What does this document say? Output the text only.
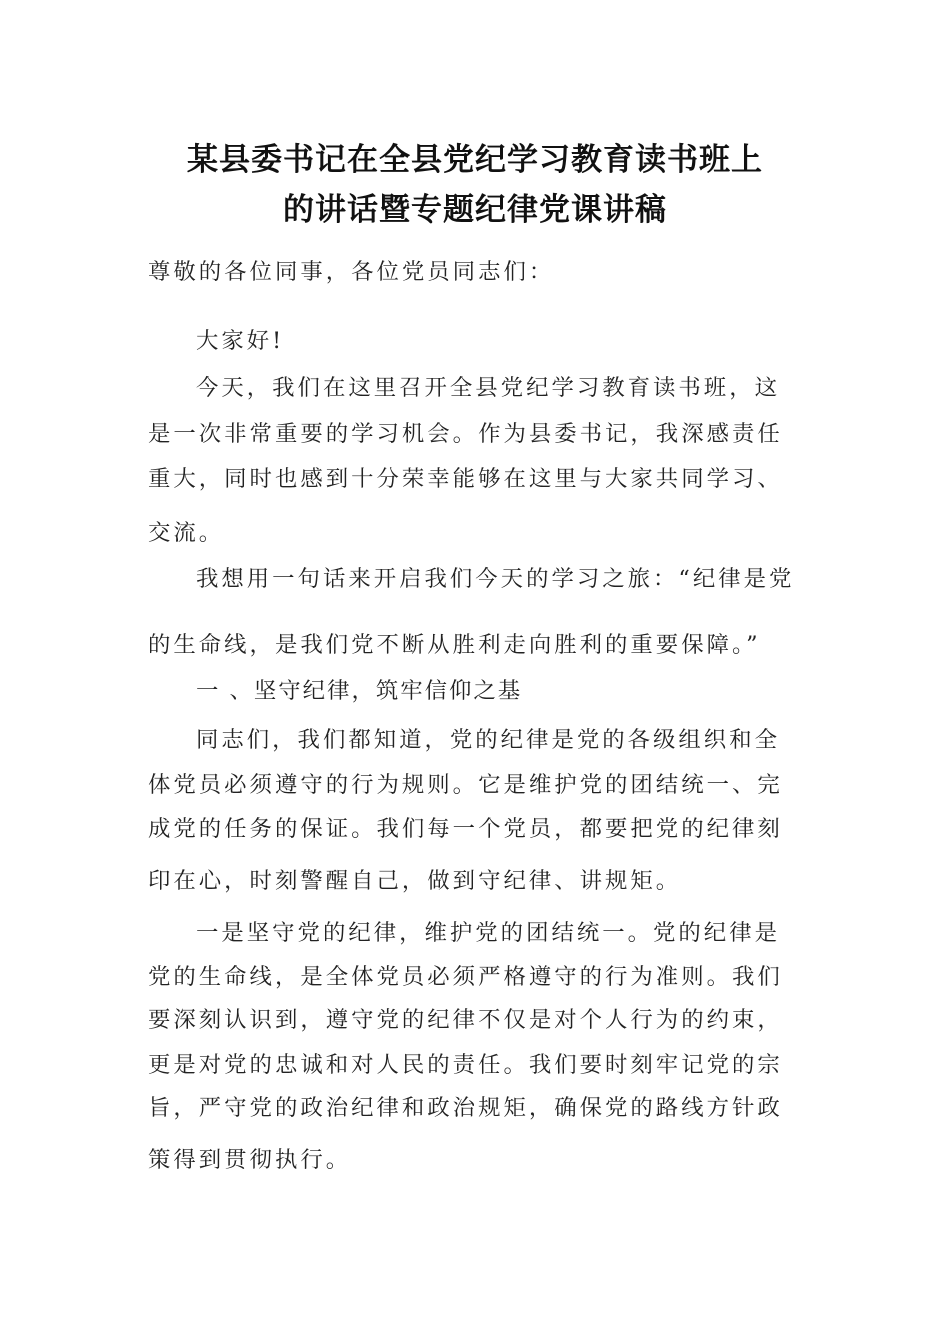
某县委书记在全县党纪学习教育读书班上
的讲话暨专题纪律党课讲稿
尊敬的各位同事，各位党员同志们：
大家好!
今天，我们在这里召开全县党纪学习教育读书班，这
是一次非常重要的学习机会。作为县委书记，我深感责任
重大，同时也感到十分荣幸能够在这里与大家共同学习、
交流。
我想用一句话来开启我们今天的学习之旅：“纪律是党
的生命线，是我们党不断从胜利走向胜利的重要保障。”
一 、坚守纪律，筑牢信仰之基
同志们，我们都知道，党的纪律是党的各级组织和全
体党员必须遵守的行为规则。它是维护党的团结统一、完
成党的任务的保证。我们每一个党员，都要把党的纪律刻
印在心，时刻警醒自己，做到守纪律、讲规矩。
一是坚守党的纪律，维护党的团结统一。党的纪律是
党的生命线，是全体党员必须严格遵守的行为准则。我们
要深刻认识到，遵守党的纪律不仅是对个人行为的约束，
更是对党的忠诚和对人民的责任。我们要时刻牢记党的宗
旨，严守党的政治纪律和政治规矩，确保党的路线方针政
策得到贯彻执行。
